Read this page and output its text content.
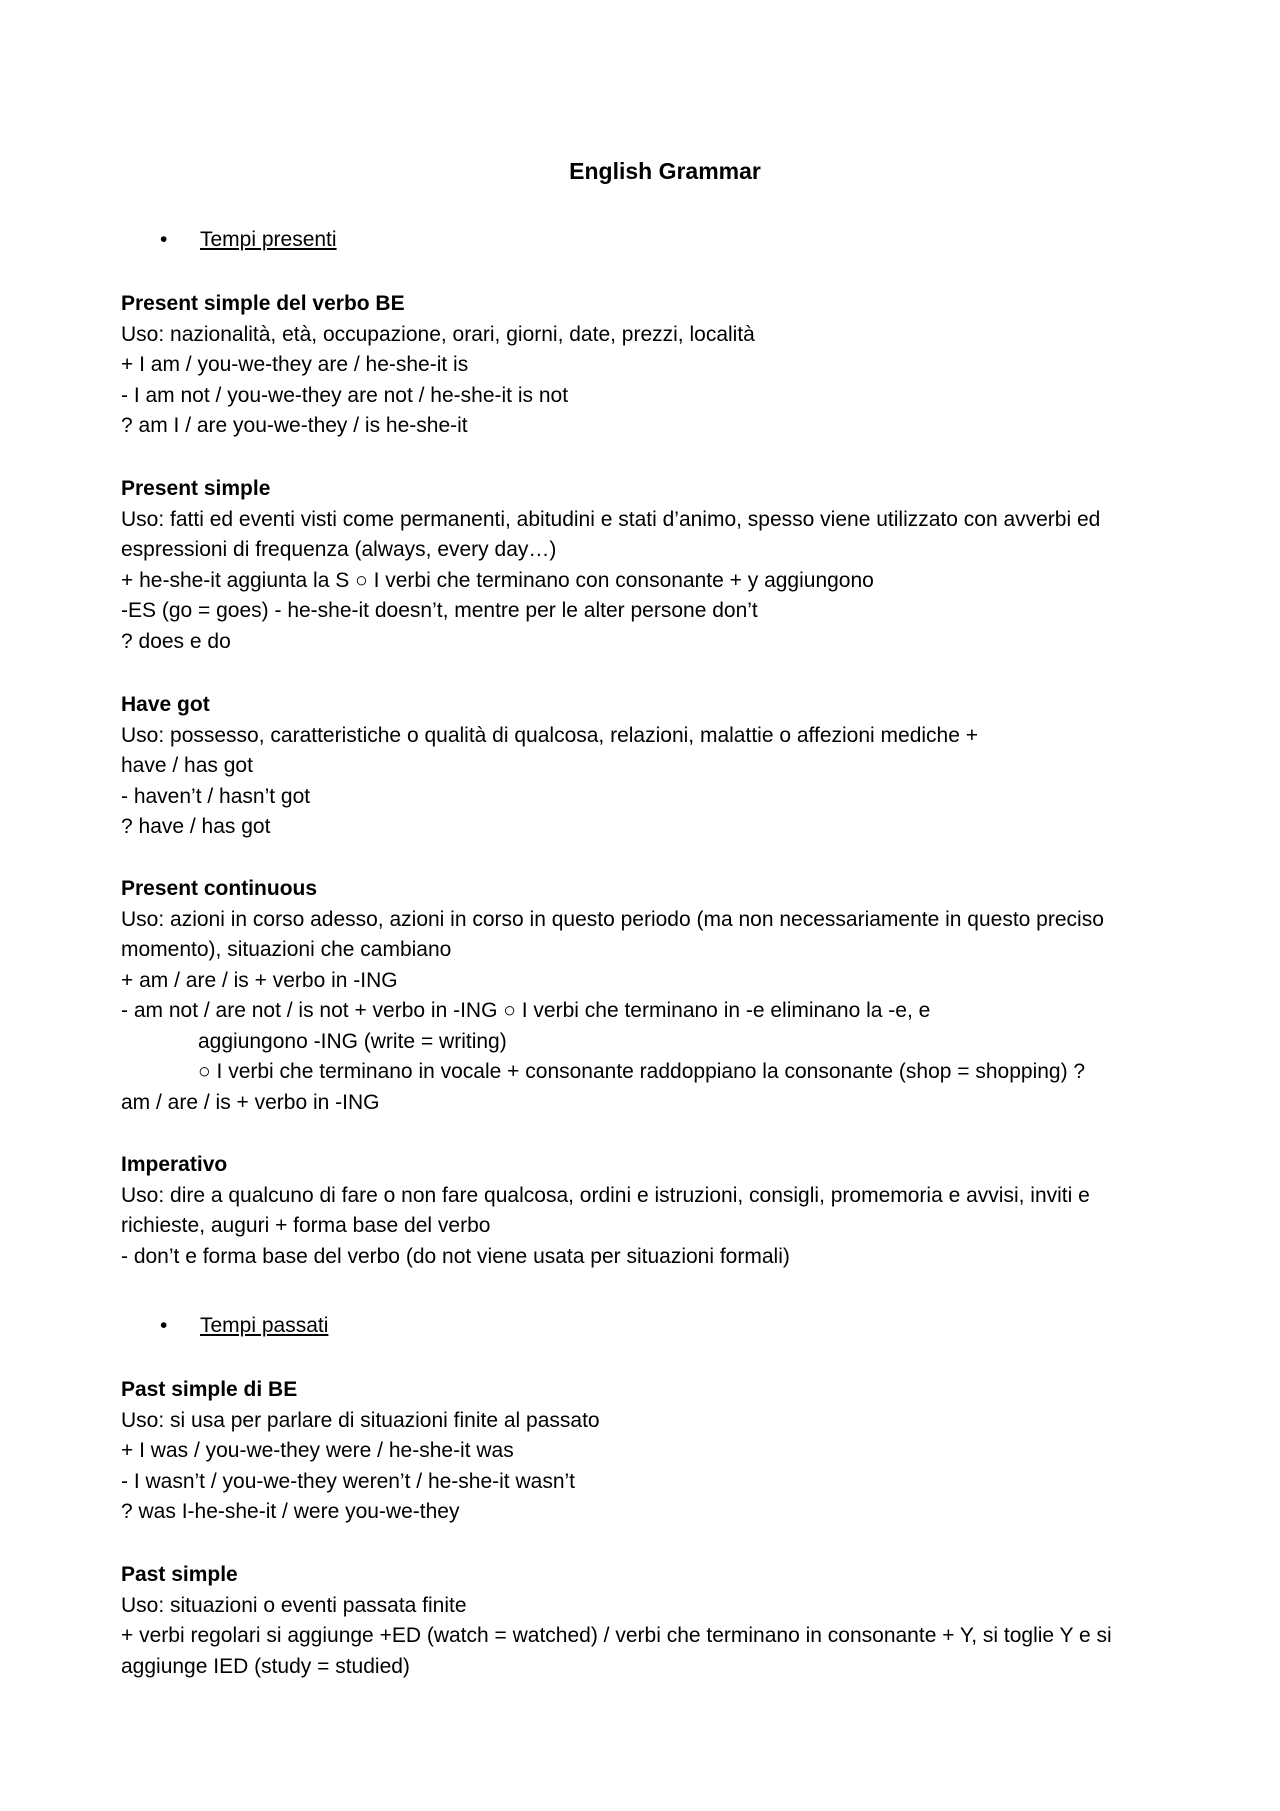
English Grammar
• Tempi presenti
Present simple del verbo BE
Uso: nazionalità, età, occupazione, orari, giorni, date, prezzi, località
+ I am / you-we-they are / he-she-it is
- I am not / you-we-they are not / he-she-it is not
? am I / are you-we-they / is he-she-it
Present simple
Uso: fatti ed eventi visti come permanenti, abitudini e stati d’animo, spesso viene utilizzato con avverbi ed
espressioni di frequenza (always, every day…)
+ he-she-it aggiunta la S ○ I verbi che terminano con consonante + y aggiungono
-ES (go = goes) - he-she-it doesn’t, mentre per le alter persone don’t
? does e do
Have got
Uso: possesso, caratteristiche o qualità di qualcosa, relazioni, malattie o affezioni mediche +
have / has got
- haven’t / hasn’t got
? have / has got
Present continuous
Uso: azioni in corso adesso, azioni in corso in questo periodo (ma non necessariamente in questo preciso
momento), situazioni che cambiano
+ am / are / is + verbo in -ING
- am not / are not / is not + verbo in -ING ○ I verbi che terminano in -e eliminano la -e, e
aggiungono -ING (write = writing)
○ I verbi che terminano in vocale + consonante raddoppiano la consonante (shop = shopping) ?
am / are / is + verbo in -ING
Imperativo
Uso: dire a qualcuno di fare o non fare qualcosa, ordini e istruzioni, consigli, promemoria e avvisi, inviti e
richieste, auguri + forma base del verbo
- don’t e forma base del verbo (do not viene usata per situazioni formali)
• Tempi passati
Past simple di BE
Uso: si usa per parlare di situazioni finite al passato
+ I was / you-we-they were / he-she-it was
- I wasn’t / you-we-they weren’t / he-she-it wasn’t
? was I-he-she-it / were you-we-they
Past simple
Uso: situazioni o eventi passata finite
+ verbi regolari si aggiunge +ED (watch = watched) / verbi che terminano in consonante + Y, si toglie Y e si
aggiunge IED (study = studied)
